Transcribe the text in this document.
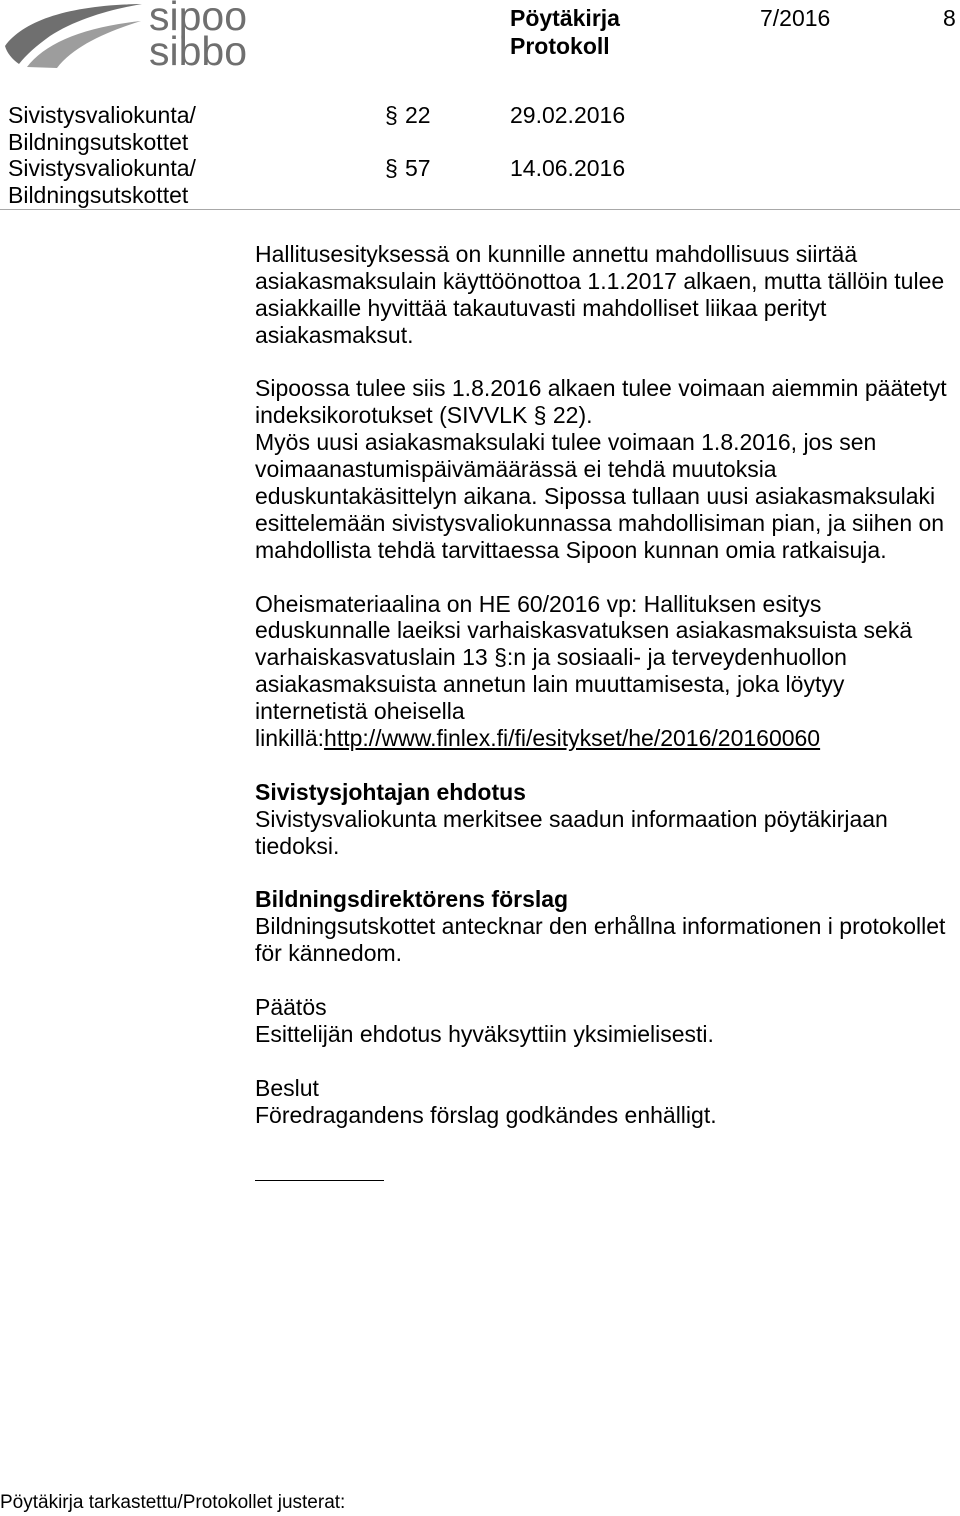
sipoo
sibbo
Pöytäkirja
Protokoll
7/2016	8
Sivistysvaliokunta/
Bildningsutskottet
§ 22	29.02.2016
Sivistysvaliokunta/
Bildningsutskottet
§ 57	14.06.2016
Hallitusesityksessä on kunnille annettu mahdollisuus siirtää
asiakasmaksulain käyttöönottoa 1.1.2017 alkaen, mutta tällöin tulee
asiakkaille hyvittää takautuvasti mahdolliset liikaa perityt
asiakasmaksut.
Sipoossa tulee siis 1.8.2016 alkaen tulee voimaan aiemmin päätetyt
indeksikorotukset (SIVVLK § 22).
Myös uusi asiakasmaksulaki tulee voimaan 1.8.2016, jos sen
voimaanastumispäivämäärässä ei tehdä muutoksia
eduskuntakäsittelyn aikana. Sipossa tullaan uusi asiakasmaksulaki
esittelemään sivistysvaliokunnassa mahdollisiman pian, ja siihen on
mahdollista tehdä tarvittaessa Sipoon kunnan omia ratkaisuja.
Oheismateriaalina on HE 60/2016 vp: Hallituksen esitys
eduskunnalle laeiksi varhaiskasvatuksen asiakasmaksuista sekä
varhaiskasvatuslain 13 §:n ja sosiaali- ja terveydenhuollon
asiakasmaksuista annetun lain muuttamisesta, joka löytyy
internetistä oheisella
linkillä:http://www.finlex.fi/fi/esitykset/he/2016/20160060
Sivistysjohtajan ehdotus
Sivistysvaliokunta merkitsee saadun informaation pöytäkirjaan
tiedoksi.
Bildningsdirektörens förslag
Bildningsutskottet antecknar den erhållna informationen i protokollet
för kännedom.
Päätös
Esittelijän ehdotus hyväksyttiin yksimielisesti.
Beslut
Föredragandens förslag godkändes enhälligt.
Pöytäkirja tarkastettu/Protokollet justerat:
